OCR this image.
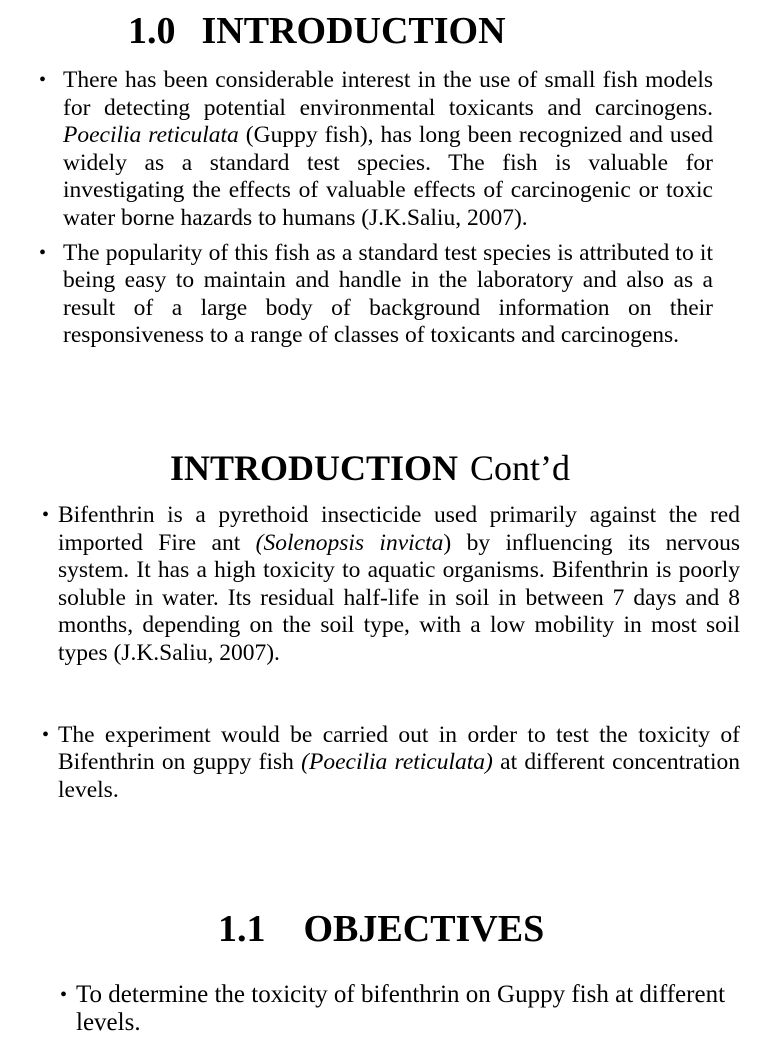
1.0 INTRODUCTION
• There has been considerable interest in the use of small fish models for detecting potential environmental toxicants and carcinogens. Poecilia reticulata (Guppy fish), has long been recognized and used widely as a standard test species. The fish is valuable for investigating the effects of valuable effects of carcinogenic or toxic water borne hazards to humans (J.K.Saliu, 2007).
• The popularity of this fish as a standard test species is attributed to it being easy to maintain and handle in the laboratory and also as a result of a large body of background information on their responsiveness to a range of classes of toxicants and carcinogens.
INTRODUCTION Cont’d
• Bifenthrin is a pyrethoid insecticide used primarily against the red imported Fire ant (Solenopsis invicta) by influencing its nervous system. It has a high toxicity to aquatic organisms. Bifenthrin is poorly soluble in water. Its residual half-life in soil in between 7 days and 8 months, depending on the soil type, with a low mobility in most soil types (J.K.Saliu, 2007).
• The experiment would be carried out in order to test the toxicity of Bifenthrin on guppy fish (Poecilia reticulata) at different concentration levels.
1.1 OBJECTIVES
• To determine the toxicity of bifenthrin on Guppy fish at different levels.
